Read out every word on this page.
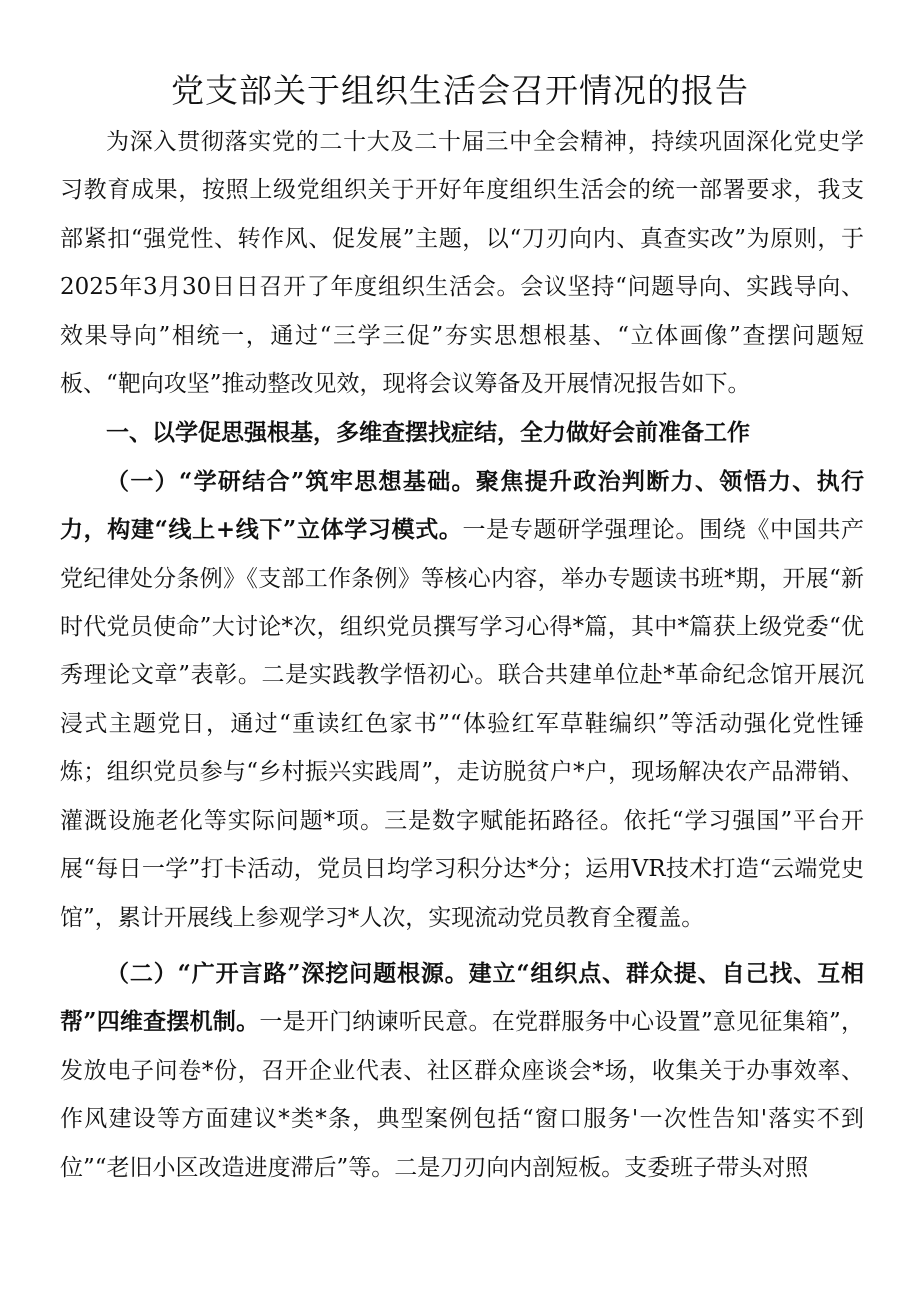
党支部关于组织生活会召开情况的报告

为深入贯彻落实党的二十大及二十届三中全会精神，持续巩固深化党史学习教育成果，按照上级党组织关于开好年度组织生活会的统一部署要求，我支部紧扣“强党性、转作风、促发展”主题，以“刀刃向内、真查实改”为原则，于2025年3月30日日召开了年度组织生活会。会议坚持“问题导向、实践导向、效果导向”相统一，通过“三学三促”夯实思想根基、“立体画像”查摆问题短板、“靶向攻坚”推动整改见效，现将会议筹备及开展情况报告如下。

一、以学促思强根基，多维查摆找症结，全力做好会前准备工作

（一）“学研结合”筑牢思想基础。聚焦提升政治判断力、领悟力、执行力，构建“线上+线下”立体学习模式。一是专题研学强理论。围绕《中国共产党纪律处分条例》《支部工作条例》等核心内容，举办专题读书班*期，开展“新时代党员使命”大讨论*次，组织党员撰写学习心得*篇，其中*篇获上级党委“优秀理论文章”表彰。二是实践教学悟初心。联合共建单位赴*革命纪念馆开展沉浸式主题党日，通过“重读红色家书”“体验红军草鞋编织”等活动强化党性锤炼；组织党员参与“乡村振兴实践周”，走访脱贫户*户，现场解决农产品滞销、灌溉设施老化等实际问题*项。三是数字赋能拓路径。依托“学习强国”平台开展“每日一学”打卡活动，党员日均学习积分达*分；运用VR技术打造“云端党史馆”，累计开展线上参观学习*人次，实现流动党员教育全覆盖。

（二）“广开言路”深挖问题根源。建立“组织点、群众提、自己找、互相帮”四维查摆机制。一是开门纳谏听民意。在党群服务中心设置”意见征集箱”，发放电子问卷*份，召开企业代表、社区群众座谈会*场，收集关于办事效率、作风建设等方面建议*类*条，典型案例包括“窗口服务'一次性告知'落实不到位”“老旧小区改造进度滞后”等。二是刀刃向内剖短板。支委班子带头对照
